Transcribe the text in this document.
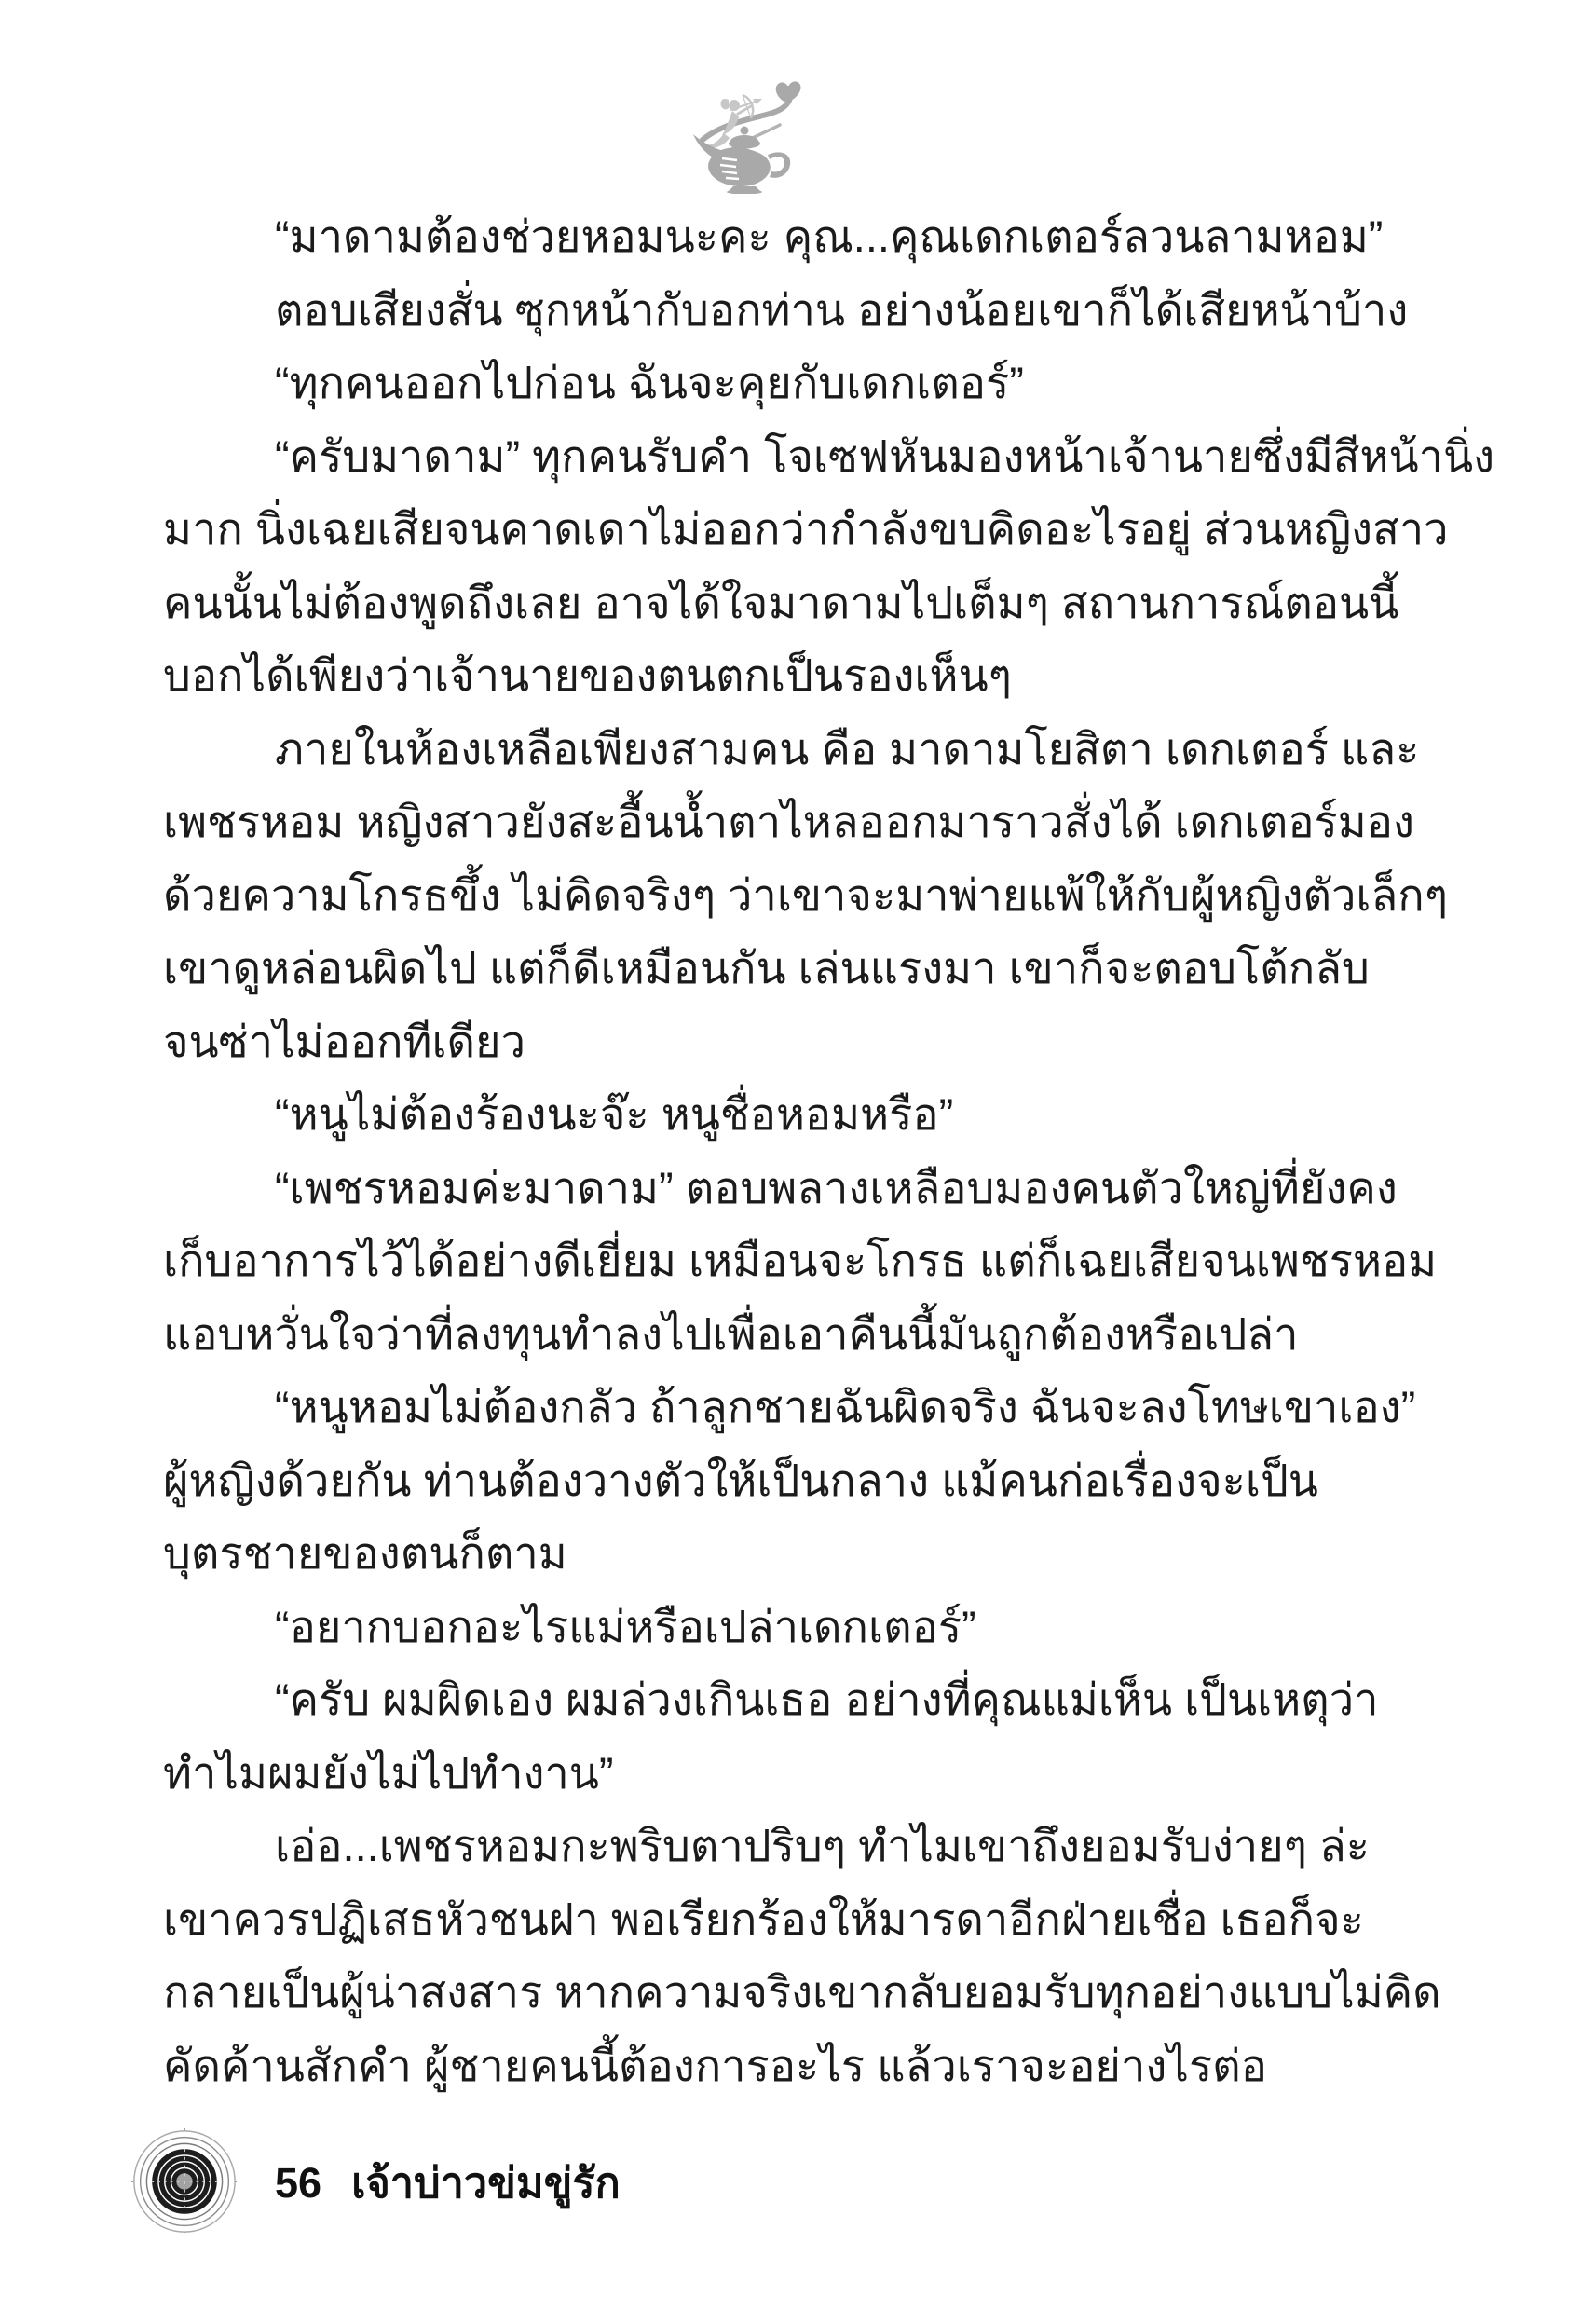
“มาดามต้องช่วยหอมนะคะ คุณ...คุณเดกเตอร์ลวนลามหอม”
ตอบเสียงสั่น ซุกหน้ากับอกท่าน อย่างน้อยเขาก็ได้เสียหน้าบ้าง
“ทุกคนออกไปก่อน ฉันจะคุยกับเดกเตอร์”
“ครับมาดาม” ทุกคนรับคำ โจเซฟหันมองหน้าเจ้านายซึ่งมีสีหน้านิ่ง
มาก นิ่งเฉยเสียจนคาดเดาไม่ออกว่ากำลังขบคิดอะไรอยู่ ส่วนหญิงสาว
คนนั้นไม่ต้องพูดถึงเลย อาจได้ใจมาดามไปเต็มๆ สถานการณ์ตอนนี้
บอกได้เพียงว่าเจ้านายของตนตกเป็นรองเห็นๆ
ภายในห้องเหลือเพียงสามคน คือ มาดามโยสิตา เดกเตอร์ และ
เพชรหอม หญิงสาวยังสะอื้นน้ำตาไหลออกมาราวสั่งได้ เดกเตอร์มอง
ด้วยความโกรธขึ้ง ไม่คิดจริงๆ ว่าเขาจะมาพ่ายแพ้ให้กับผู้หญิงตัวเล็กๆ
เขาดูหล่อนผิดไป แต่ก็ดีเหมือนกัน เล่นแรงมา เขาก็จะตอบโต้กลับ
จนซ่าไม่ออกทีเดียว
“หนูไม่ต้องร้องนะจ๊ะ หนูชื่อหอมหรือ”
“เพชรหอมค่ะมาดาม” ตอบพลางเหลือบมองคนตัวใหญ่ที่ยังคง
เก็บอาการไว้ได้อย่างดีเยี่ยม เหมือนจะโกรธ แต่ก็เฉยเสียจนเพชรหอม
แอบหวั่นใจว่าที่ลงทุนทำลงไปเพื่อเอาคืนนี้มันถูกต้องหรือเปล่า
“หนูหอมไม่ต้องกลัว ถ้าลูกชายฉันผิดจริง ฉันจะลงโทษเขาเอง”
ผู้หญิงด้วยกัน ท่านต้องวางตัวให้เป็นกลาง แม้คนก่อเรื่องจะเป็น
บุตรชายของตนก็ตาม
“อยากบอกอะไรแม่หรือเปล่าเดกเตอร์”
“ครับ ผมผิดเอง ผมล่วงเกินเธอ อย่างที่คุณแม่เห็น เป็นเหตุว่า
ทำไมผมยังไม่ไปทำงาน”
เอ่อ...เพชรหอมกะพริบตาปริบๆ ทำไมเขาถึงยอมรับง่ายๆ ล่ะ
เขาควรปฏิเสธหัวชนฝา พอเรียกร้องให้มารดาอีกฝ่ายเชื่อ เธอก็จะ
กลายเป็นผู้น่าสงสาร หากความจริงเขากลับยอมรับทุกอย่างแบบไม่คิด
คัดค้านสักคำ ผู้ชายคนนี้ต้องการอะไร แล้วเราจะอย่างไรต่อ
56 เจ้าบ่าวข่มขู่รัก
